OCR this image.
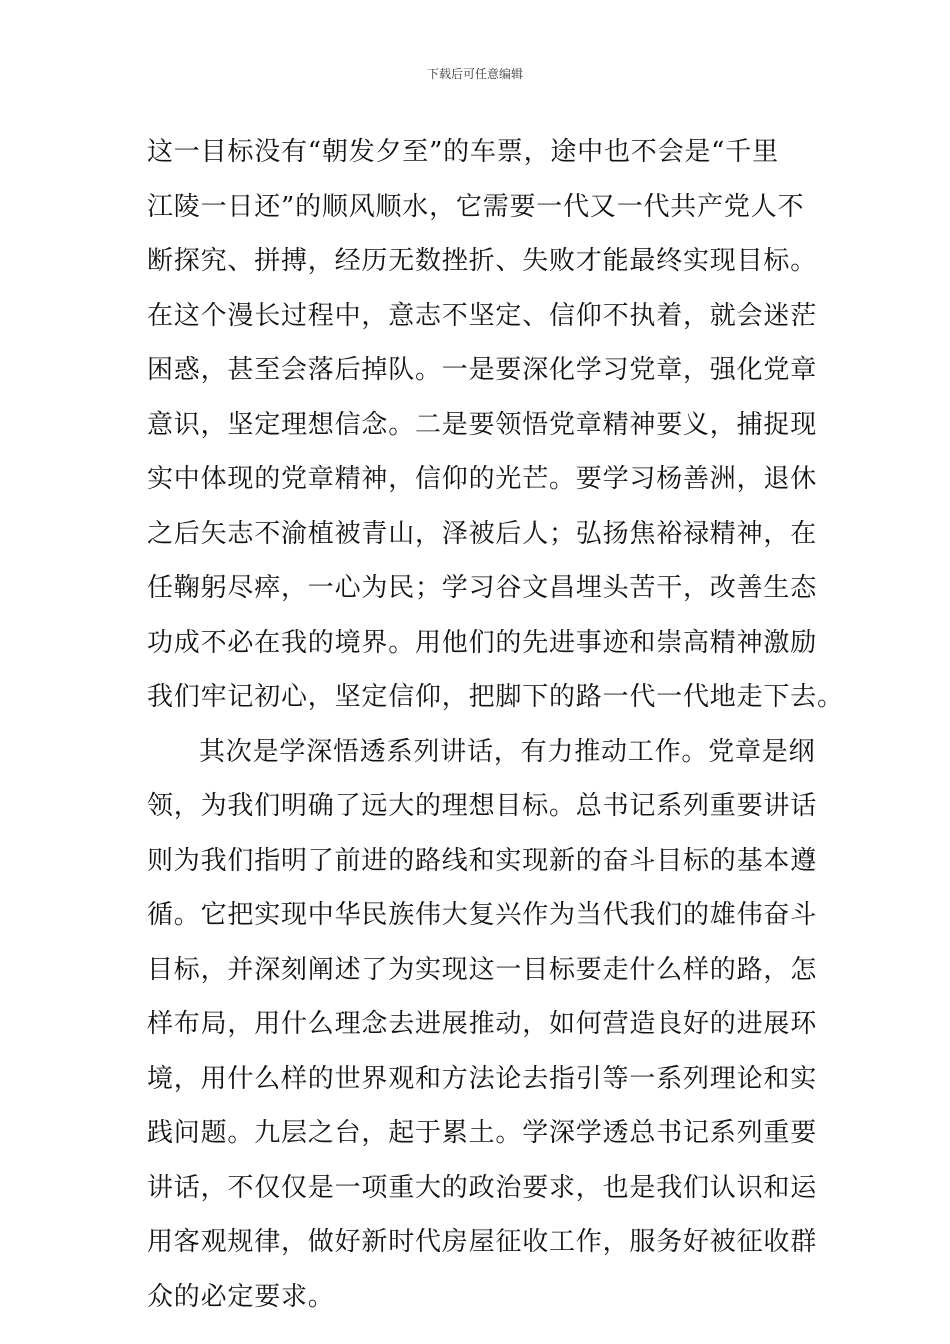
下载后可任意编辑
这一目标没有“朝发夕至”的车票，途中也不会是“千里
江陵一日还”的顺风顺水，它需要一代又一代共产党人不
断探究、拼搏，经历无数挫折、失败才能最终实现目标。
在这个漫长过程中，意志不坚定、信仰不执着，就会迷茫
困惑，甚至会落后掉队。一是要深化学习党章，强化党章
意识，坚定理想信念。二是要领悟党章精神要义，捕捉现
实中体现的党章精神，信仰的光芒。要学习杨善洲，退休
之后矢志不渝植被青山，泽被后人；弘扬焦裕禄精神，在
任鞠躬尽瘁，一心为民；学习谷文昌埋头苦干，改善生态
功成不必在我的境界。用他们的先进事迹和崇高精神激励
我们牢记初心，坚定信仰，把脚下的路一代一代地走下去。
其次是学深悟透系列讲话，有力推动工作。党章是纲
领，为我们明确了远大的理想目标。总书记系列重要讲话
则为我们指明了前进的路线和实现新的奋斗目标的基本遵
循。它把实现中华民族伟大复兴作为当代我们的雄伟奋斗
目标，并深刻阐述了为实现这一目标要走什么样的路，怎
样布局，用什么理念去进展推动，如何营造良好的进展环
境，用什么样的世界观和方法论去指引等一系列理论和实
践问题。九层之台，起于累土。学深学透总书记系列重要
讲话，不仅仅是一项重大的政治要求，也是我们认识和运
用客观规律，做好新时代房屋征收工作，服务好被征收群
众的必定要求。
